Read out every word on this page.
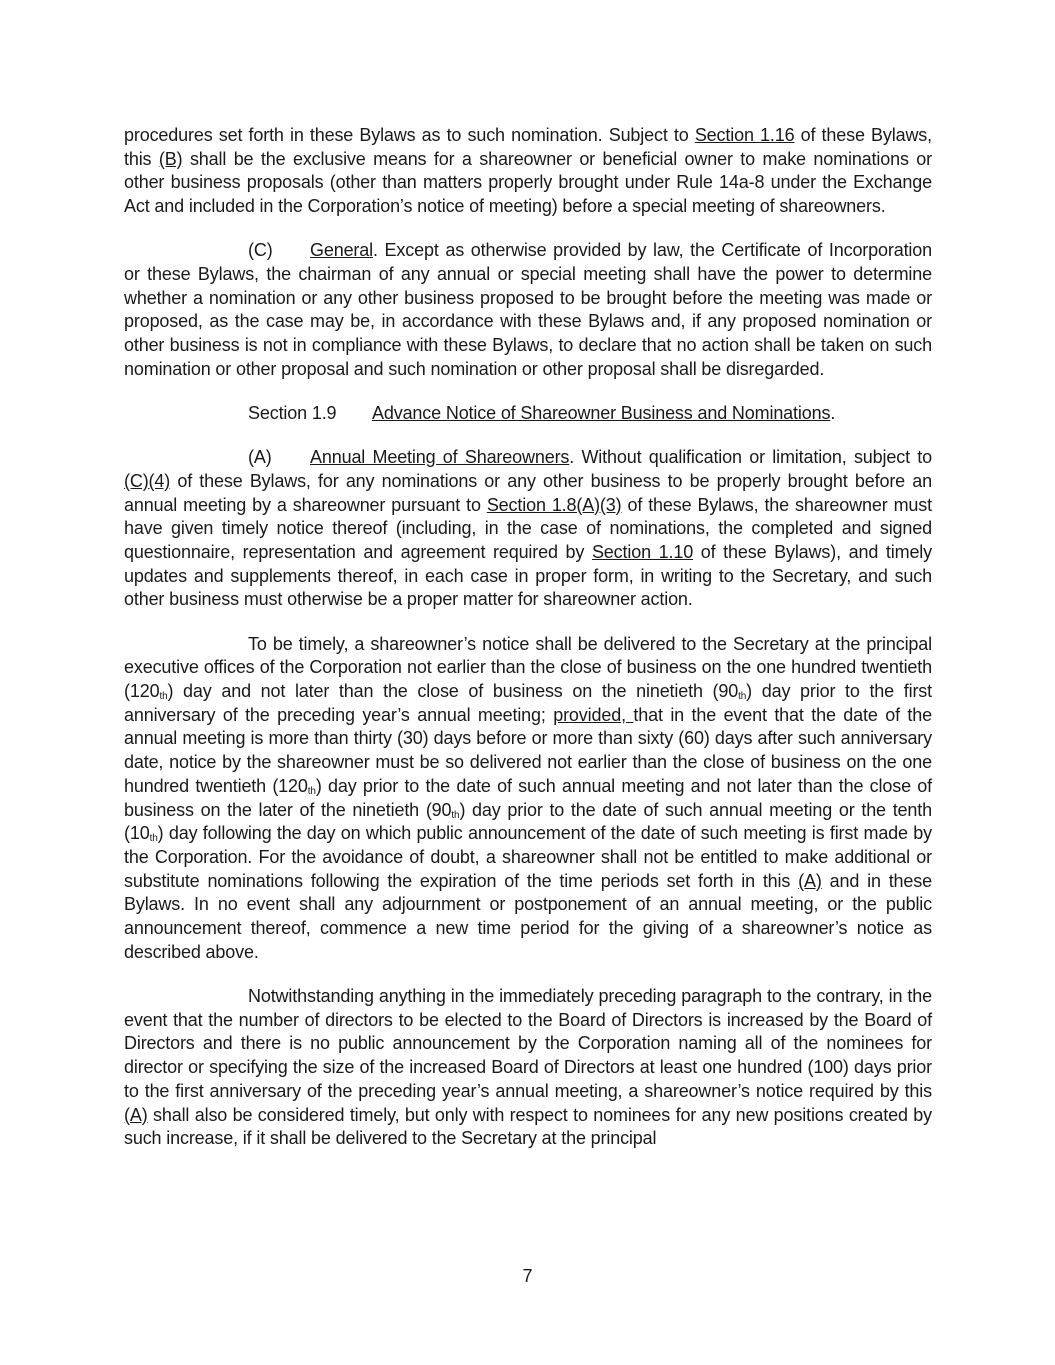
procedures set forth in these Bylaws as to such nomination. Subject to Section 1.16 of these Bylaws, this (B) shall be the exclusive means for a shareowner or beneficial owner to make nominations or other business proposals (other than matters properly brought under Rule 14a-8 under the Exchange Act and included in the Corporation’s notice of meeting) before a special meeting of shareowners.

(C) General. Except as otherwise provided by law, the Certificate of Incorporation or these Bylaws, the chairman of any annual or special meeting shall have the power to determine whether a nomination or any other business proposed to be brought before the meeting was made or proposed, as the case may be, in accordance with these Bylaws and, if any proposed nomination or other business is not in compliance with these Bylaws, to declare that no action shall be taken on such nomination or other proposal and such nomination or other proposal shall be disregarded.

Section 1.9 Advance Notice of Shareowner Business and Nominations.

(A) Annual Meeting of Shareowners. Without qualification or limitation, subject to (C)(4) of these Bylaws, for any nominations or any other business to be properly brought before an annual meeting by a shareowner pursuant to Section 1.8(A)(3) of these Bylaws, the shareowner must have given timely notice thereof (including, in the case of nominations, the completed and signed questionnaire, representation and agreement required by Section 1.10 of these Bylaws), and timely updates and supplements thereof, in each case in proper form, in writing to the Secretary, and such other business must otherwise be a proper matter for shareowner action.

To be timely, a shareowner’s notice shall be delivered to the Secretary at the principal executive offices of the Corporation not earlier than the close of business on the one hundred twentieth $(120_{th})$ day and not later than the close of business on the ninetieth $(90_{th})$ day prior to the first anniversary of the preceding year’s annual meeting; provided, that in the event that the date of the annual meeting is more than thirty (30) days before or more than sixty (60) days after such anniversary date, notice by the shareowner must be so delivered not earlier than the close of business on the one hundred twentieth $(120_{th})$ day prior to the date of such annual meeting and not later than the close of business on the later of the ninetieth $(90_{th})$ day prior to the date of such annual meeting or the tenth $(10_{th})$ day following the day on which public announcement of the date of such meeting is first made by the Corporation. For the avoidance of doubt, a shareowner shall not be entitled to make additional or substitute nominations following the expiration of the time periods set forth in this (A) and in these Bylaws. In no event shall any adjournment or postponement of an annual meeting, or the public announcement thereof, commence a new time period for the giving of a shareowner’s notice as described above.

Notwithstanding anything in the immediately preceding paragraph to the contrary, in the event that the number of directors to be elected to the Board of Directors is increased by the Board of Directors and there is no public announcement by the Corporation naming all of the nominees for director or specifying the size of the increased Board of Directors at least one hundred (100) days prior to the first anniversary of the preceding year’s annual meeting, a shareowner’s notice required by this (A) shall also be considered timely, but only with respect to nominees for any new positions created by such increase, if it shall be delivered to the Secretary at the principal

7
